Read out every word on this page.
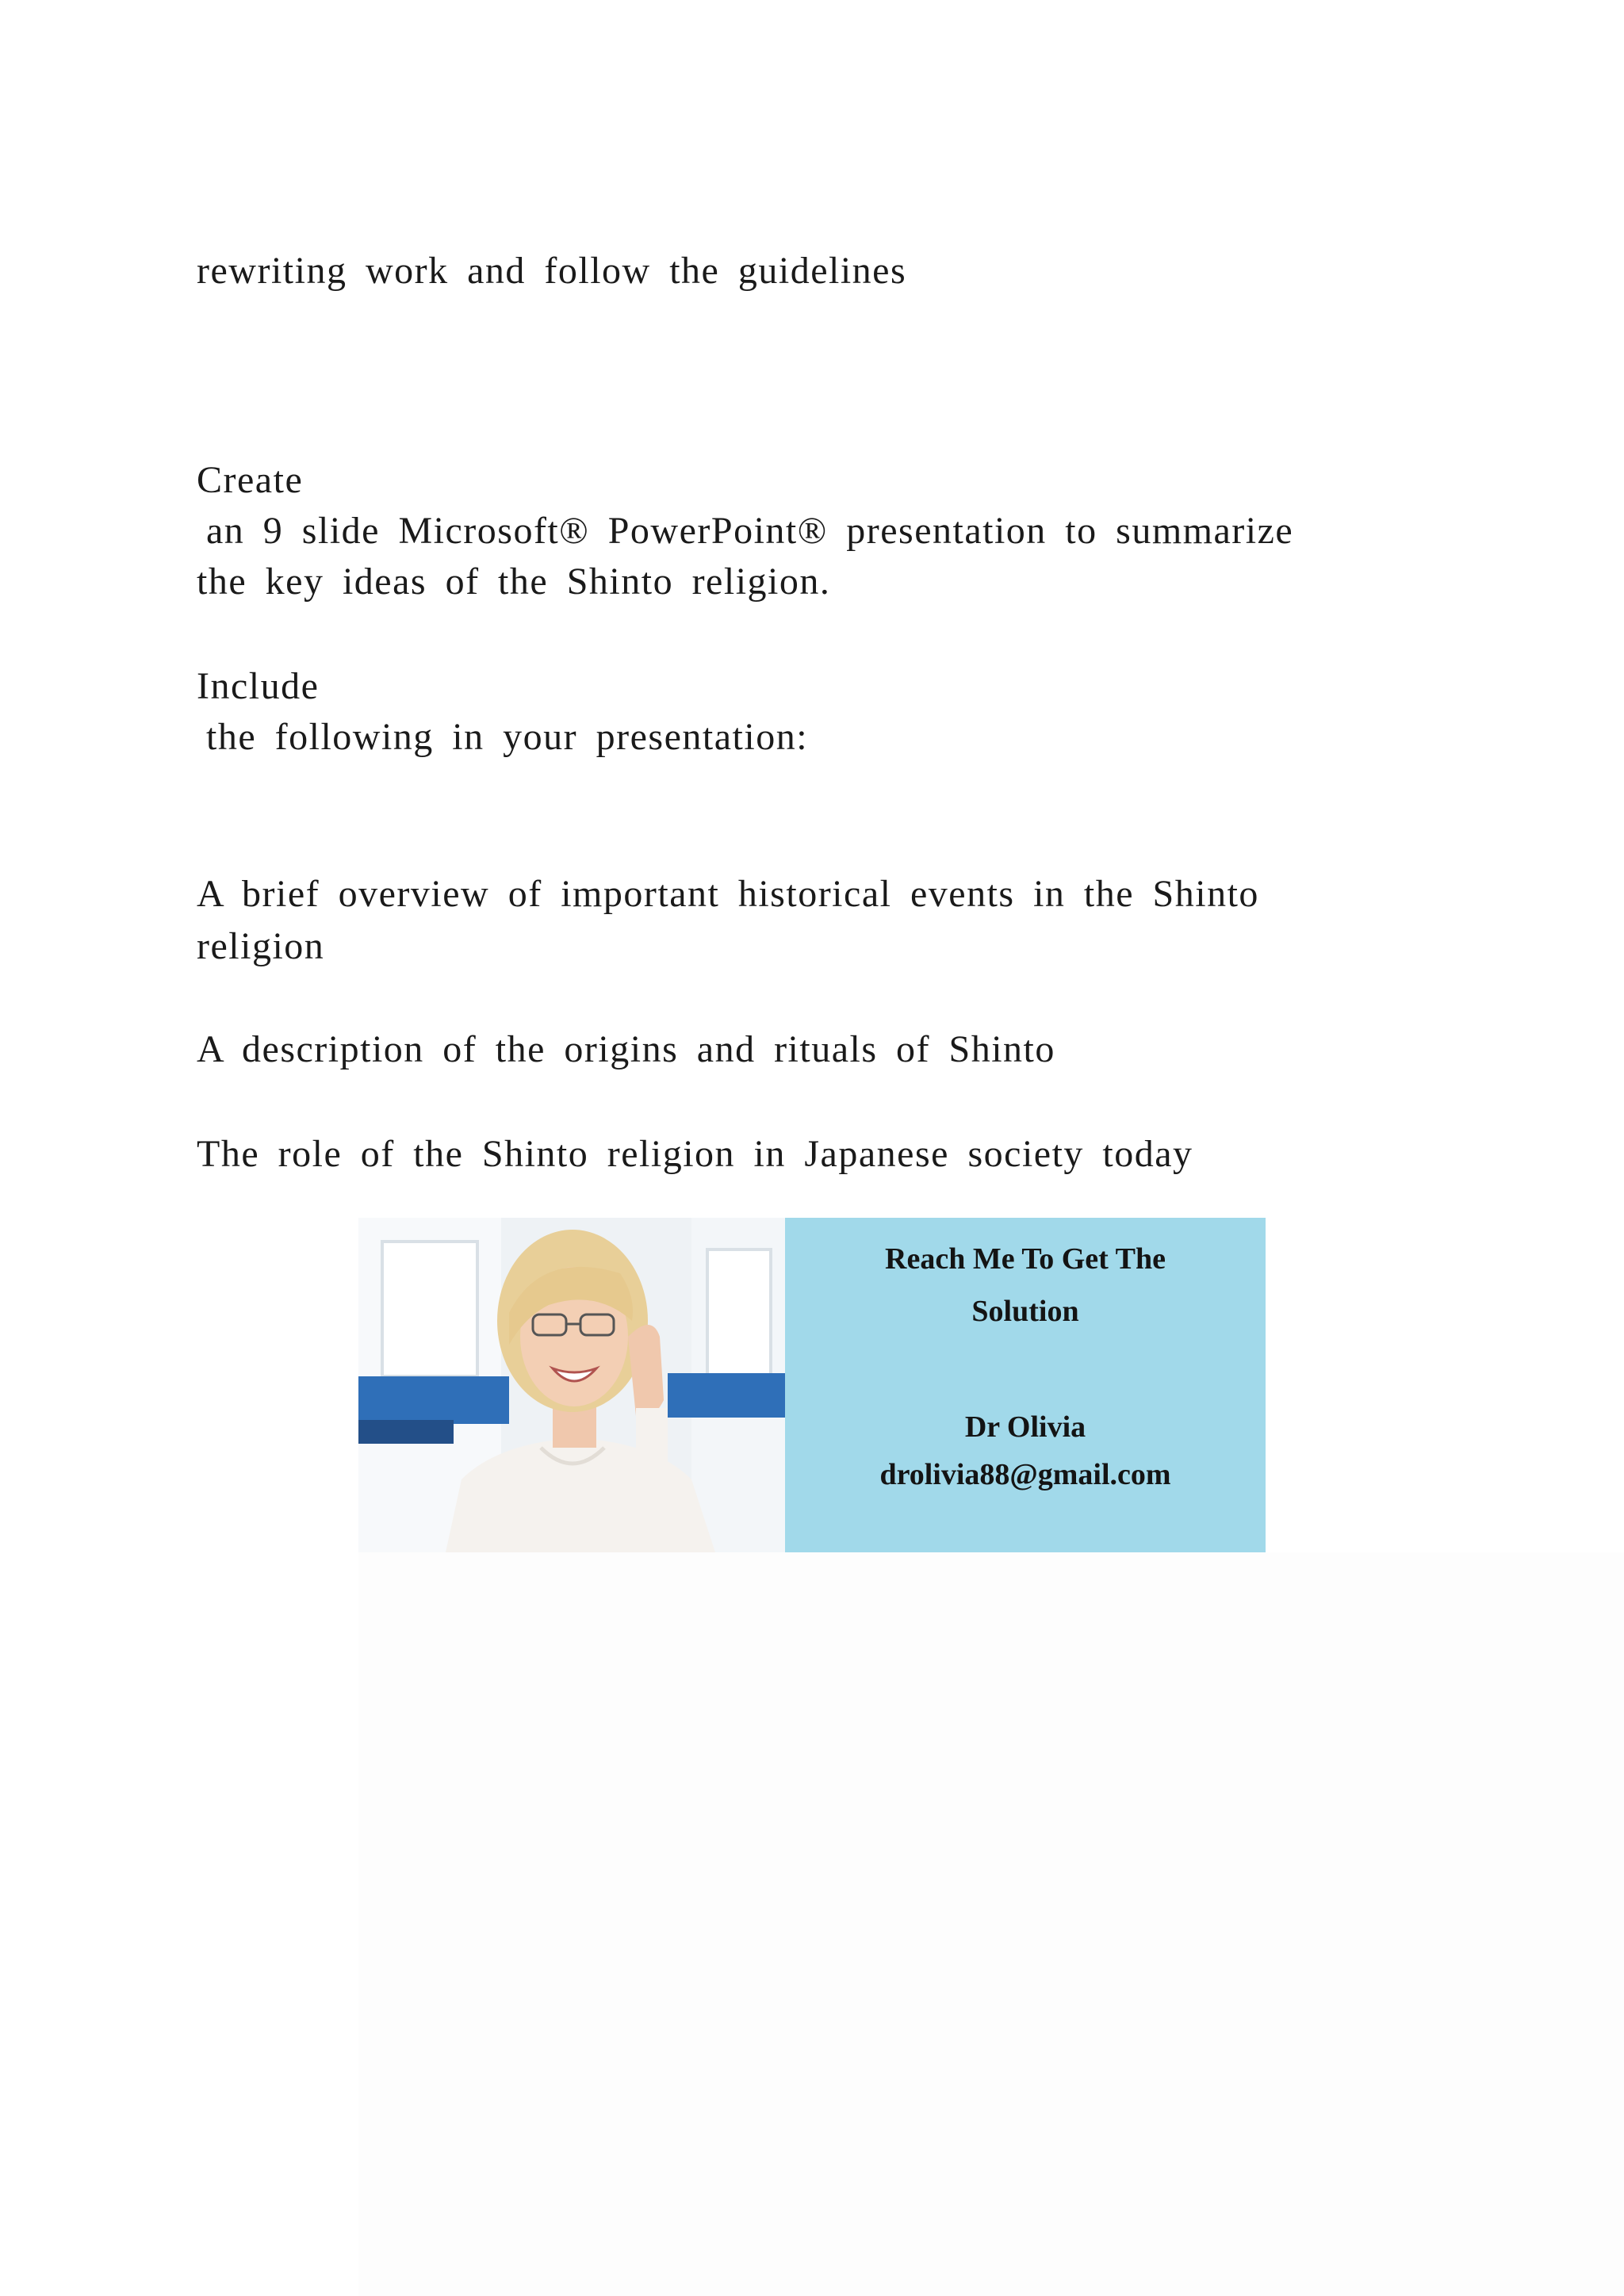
rewriting work and follow the guidelines
Create
an 9 slide Microsoft® PowerPoint® presentation to summarize
the key ideas of the Shinto religion.
Include
the following in your presentation:
A brief overview of important historical events in the Shinto
religion
A description of the origins and rituals of Shinto
The role of the Shinto religion in Japanese society today
Reach Me To Get The
Solution
Dr Olivia
drolivia88@gmail.com
